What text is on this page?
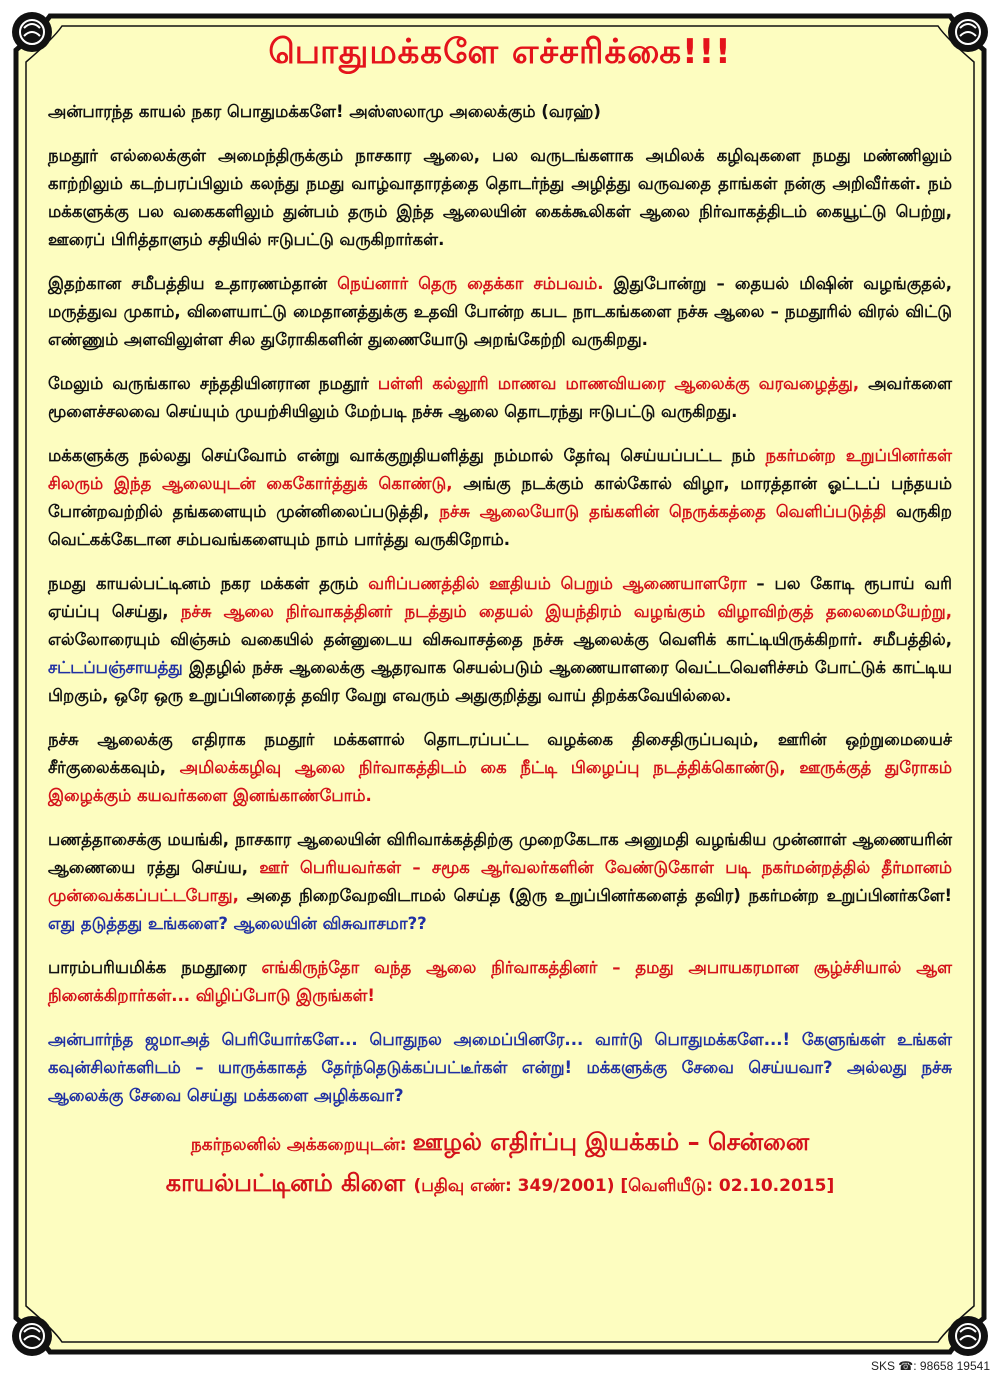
பொதுமக்களே எச்சரிக்கை!!!

அன்பாரந்த காயல் நகர பொதுமக்களே! அஸ்ஸலாமு அலைக்கும் (வரஹ்)

நமதூர் எல்லைக்குள் அமைந்திருக்கும் நாசகார ஆலை, பல வருடங்களாக அமிலக் கழிவுகளை நமது மண்ணிலும் காற்றிலும் கடற்பரப்பிலும் கலந்து நமது வாழ்வாதாரத்தை தொடர்ந்து அழித்து வருவதை தாங்கள் நன்கு அறிவீர்கள். நம் மக்களுக்கு பல வகைகளிலும் துன்பம் தரும் இந்த ஆலையின் கைக்கூலிகள் ஆலை நிர்வாகத்திடம் கையூட்டு பெற்று, ஊரைப் பிரித்தாளும் சதியில் ஈடுபட்டு வருகிறார்கள்.

இதற்கான சமீபத்திய உதாரணம்தான் நெய்னார் தெரு தைக்கா சம்பவம். இதுபோன்று – தையல் மிஷின் வழங்குதல், மருத்துவ முகாம், விளையாட்டு மைதானத்துக்கு உதவி போன்ற கபட நாடகங்களை நச்சு ஆலை – நமதூரில் விரல் விட்டு எண்ணும் அளவிலுள்ள சில துரோகிகளின் துணையோடு அறங்கேற்றி வருகிறது.

மேலும் வருங்கால சந்ததியினரான நமதூர் பள்ளி கல்லூரி மாணவ மாணவியரை ஆலைக்கு வரவழைத்து, அவர்களை மூளைச்சலவை செய்யும் முயற்சியிலும் மேற்படி நச்சு ஆலை தொடரந்து ஈடுபட்டு வருகிறது.

மக்களுக்கு நல்லது செய்வோம் என்று வாக்குறுதியளித்து நம்மால் தேர்வு செய்யப்பட்ட நம் நகர்மன்ற உறுப்பினர்கள் சிலரும் இந்த ஆலையுடன் கைகோர்த்துக் கொண்டு, அங்கு நடக்கும் கால்கோல் விழா, மாரத்தான் ஓட்டப் பந்தயம் போன்றவற்றில் தங்களையும் முன்னிலைப்படுத்தி, நச்சு ஆலையோடு தங்களின் நெருக்கத்தை வெளிப்படுத்தி வருகிற வெட்கக்கேடான சம்பவங்களையும் நாம் பார்த்து வருகிறோம்.

நமது காயல்பட்டினம் நகர மக்கள் தரும் வரிப்பணத்தில் ஊதியம் பெறும் ஆணையாளரோ – பல கோடி ரூபாய் வரி ஏய்ப்பு செய்து, நச்சு ஆலை நிர்வாகத்தினர் நடத்தும் தையல் இயந்திரம் வழங்கும் விழாவிற்குத் தலைமையேற்று, எல்லோரையும் விஞ்சும் வகையில் தன்னுடைய விசுவாசத்தை நச்சு ஆலைக்கு வெளிக் காட்டியிருக்கிறார். சமீபத்தில், சட்டப்பஞ்சாயத்து இதழில் நச்சு ஆலைக்கு ஆதரவாக செயல்படும் ஆணையாளரை வெட்டவெளிச்சம் போட்டுக் காட்டிய பிறகும், ஒரே ஒரு உறுப்பினரைத் தவிர வேறு எவரும் அதுகுறித்து வாய் திறக்கவேயில்லை.

நச்சு ஆலைக்கு எதிராக நமதூர் மக்களால் தொடரப்பட்ட வழக்கை திசைதிருப்பவும், ஊரின் ஒற்றுமையைச் சீர்குலைக்கவும், அமிலக்கழிவு ஆலை நிர்வாகத்திடம் கை நீட்டி பிழைப்பு நடத்திக்கொண்டு, ஊருக்குத் துரோகம் இழைக்கும் கயவர்களை இனங்காண்போம்.

பணத்தாசைக்கு மயங்கி, நாசகார ஆலையின் விரிவாக்கத்திற்கு முறைகேடாக அனுமதி வழங்கிய முன்னாள் ஆணையரின் ஆணையை ரத்து செய்ய, ஊர் பெரியவர்கள் – சமூக ஆர்வலர்களின் வேண்டுகோள் படி நகர்மன்றத்தில் தீர்மானம் முன்வைக்கப்பட்டபோது, அதை நிறைவேறவிடாமல் செய்த (இரு உறுப்பினர்களைத் தவிர) நகர்மன்ற உறுப்பினர்களே! எது தடுத்தது உங்களை? ஆலையின் விசுவாசமா??

பாரம்பரியமிக்க நமதூரை எங்கிருந்தோ வந்த ஆலை நிர்வாகத்தினர் – தமது அபாயகரமான சூழ்ச்சியால் ஆள நினைக்கிறார்கள்... விழிப்போடு இருங்கள்!

அன்பார்ந்த ஜமாஅத் பெரியோர்களே... பொதுநல அமைப்பினரே... வார்டு பொதுமக்களே...! கேளுங்கள் உங்கள் கவுன்சிலர்களிடம் – யாருக்காகத் தேர்ந்தெடுக்கப்பட்டீர்கள் என்று! மக்களுக்கு சேவை செய்யவா? அல்லது நச்சு ஆலைக்கு சேவை செய்து மக்களை அழிக்கவா?

நகர்நலனில் அக்கறையுடன்: ஊழல் எதிர்ப்பு இயக்கம் – சென்னை
காயல்பட்டினம் கிளை (பதிவு எண்: 349/2001) [வெளியீடு: 02.10.2015]
SKS ☎: 98658 19541
